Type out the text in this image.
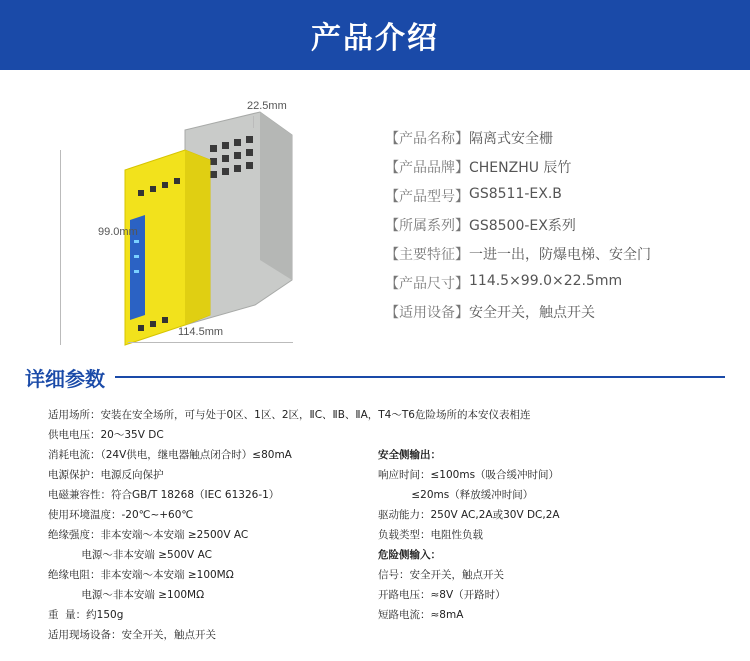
产品介绍
22.5mm
99.0mm
114.5mm
【产品名称】 隔离式安全栅
【产品品牌】 CHENZHU 辰竹
【产品型号】 GS8511-EX.B
【所属系列】 GS8500-EX系列
【主要特征】 一进一出，防爆电梯、安全门
【产品尺寸】 114.5×99.0×22.5mm
【适用设备】 安全开关，触点开关
详细参数
适用场所：安装在安全场所，可与处于0区、1区、2区，ⅡC、ⅡB、ⅡA，T4～T6危险场所的本安仪表相连
供电电压：20～35V DC
消耗电流：（24V供电，继电器触点闭合时）≤80mA
电源保护：电源反向保护
电磁兼容性：符合GB/T 18268（IEC 61326-1）
使用环境温度：-20℃~+60℃
绝缘强度：非本安端～本安端 ≥2500V AC
电源～非本安端 ≥500V AC
绝缘电阻：非本安端～本安端 ≥100MΩ
电源～非本安端 ≥100MΩ
重  量：约150g
适用现场设备：安全开关，触点开关
安全侧输出：
响应时间：≤100ms（吸合缓冲时间）
≤20ms（释放缓冲时间）
驱动能力：250V AC,2A或30V DC,2A
负载类型：电阻性负载
危险侧输入：
信号：安全开关，触点开关
开路电压：≈8V（开路时）
短路电流：≈8mA
